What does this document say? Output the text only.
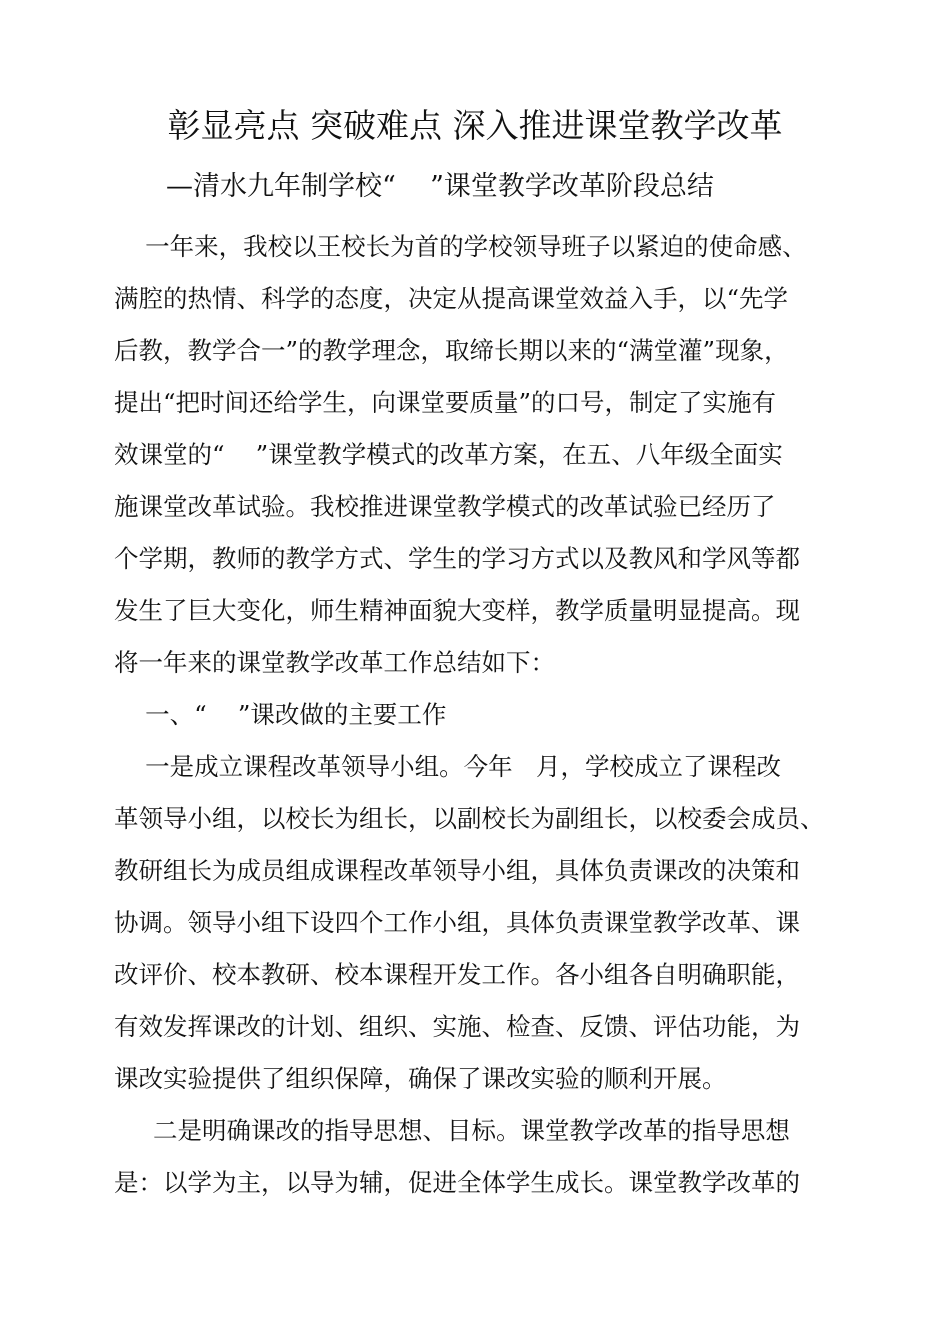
彰显亮点 突破难点 深入推进课堂教学改革
—清水九年制学校“    ”课堂教学改革阶段总结
一年来，我校以王校长为首的学校领导班子以紧迫的使命感、
满腔的热情、科学的态度，决定从提高课堂效益入手，以“先学
后教，教学合一”的教学理念，取缔长期以来的“满堂灌”现象，
提出“把时间还给学生，向课堂要质量”的口号，制定了实施有
效课堂的“    ”课堂教学模式的改革方案，在五、八年级全面实
施课堂改革试验。我校推进课堂教学模式的改革试验已经历了
个学期，教师的教学方式、学生的学习方式以及教风和学风等都
发生了巨大变化，师生精神面貌大变样，教学质量明显提高。现
将一年来的课堂教学改革工作总结如下：
一、“    ”课改做的主要工作
一是成立课程改革领导小组。今年   月，学校成立了课程改
革领导小组，以校长为组长，以副校长为副组长，以校委会成员、
教研组长为成员组成课程改革领导小组，具体负责课改的决策和
协调。领导小组下设四个工作小组，具体负责课堂教学改革、课
改评价、校本教研、校本课程开发工作。各小组各自明确职能，
有效发挥课改的计划、组织、实施、检查、反馈、评估功能，为
课改实验提供了组织保障，确保了课改实验的顺利开展。
二是明确课改的指导思想、目标。课堂教学改革的指导思想
是：以学为主，以导为辅，促进全体学生成长。课堂教学改革的
